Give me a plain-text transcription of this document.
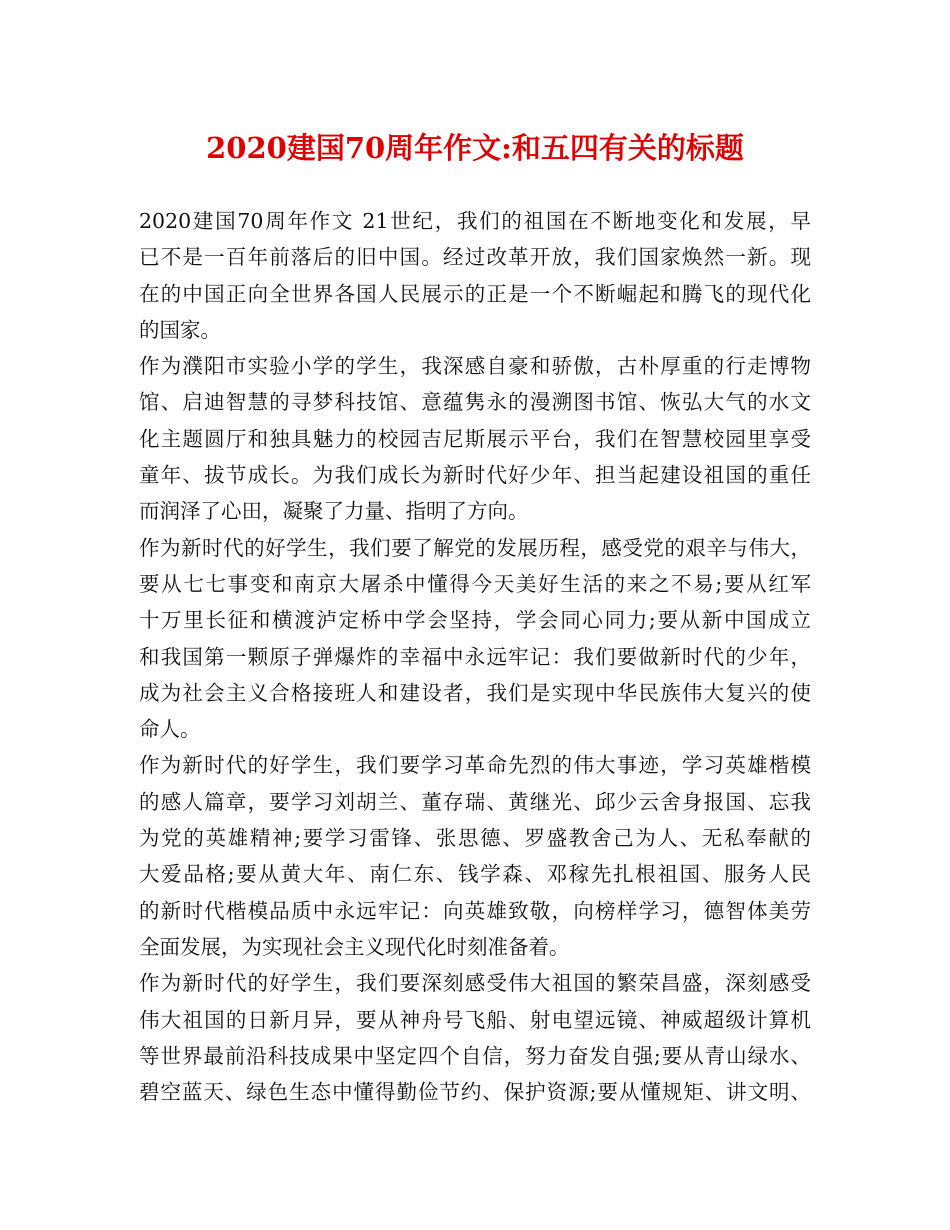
2020建国70周年作文:和五四有关的标题
2020建国70周年作文 21世纪，我们的祖国在不断地变化和发展，早
已不是一百年前落后的旧中国。经过改革开放，我们国家焕然一新。现
在的中国正向全世界各国人民展示的正是一个不断崛起和腾飞的现代化
的国家。
作为濮阳市实验小学的学生，我深感自豪和骄傲，古朴厚重的行走博物
馆、启迪智慧的寻梦科技馆、意蕴隽永的漫溯图书馆、恢弘大气的水文
化主题圆厅和独具魅力的校园吉尼斯展示平台，我们在智慧校园里享受
童年、拔节成长。为我们成长为新时代好少年、担当起建设祖国的重任
而润泽了心田，凝聚了力量、指明了方向。
作为新时代的好学生，我们要了解党的发展历程，感受党的艰辛与伟大，
要从七七事变和南京大屠杀中懂得今天美好生活的来之不易;要从红军
十万里长征和横渡泸定桥中学会坚持，学会同心同力;要从新中国成立
和我国第一颗原子弹爆炸的幸福中永远牢记：我们要做新时代的少年，
成为社会主义合格接班人和建设者，我们是实现中华民族伟大复兴的使
命人。
作为新时代的好学生，我们要学习革命先烈的伟大事迹，学习英雄楷模
的感人篇章，要学习刘胡兰、董存瑞、黄继光、邱少云舍身报国、忘我
为党的英雄精神;要学习雷锋、张思德、罗盛教舍己为人、无私奉献的
大爱品格;要从黄大年、南仁东、钱学森、邓稼先扎根祖国、服务人民
的新时代楷模品质中永远牢记：向英雄致敬，向榜样学习，德智体美劳
全面发展，为实现社会主义现代化时刻准备着。
作为新时代的好学生，我们要深刻感受伟大祖国的繁荣昌盛，深刻感受
伟大祖国的日新月异，要从神舟号飞船、射电望远镜、神威超级计算机
等世界最前沿科技成果中坚定四个自信，努力奋发自强;要从青山绿水、
碧空蓝天、绿色生态中懂得勤俭节约、保护资源;要从懂规矩、讲文明、
